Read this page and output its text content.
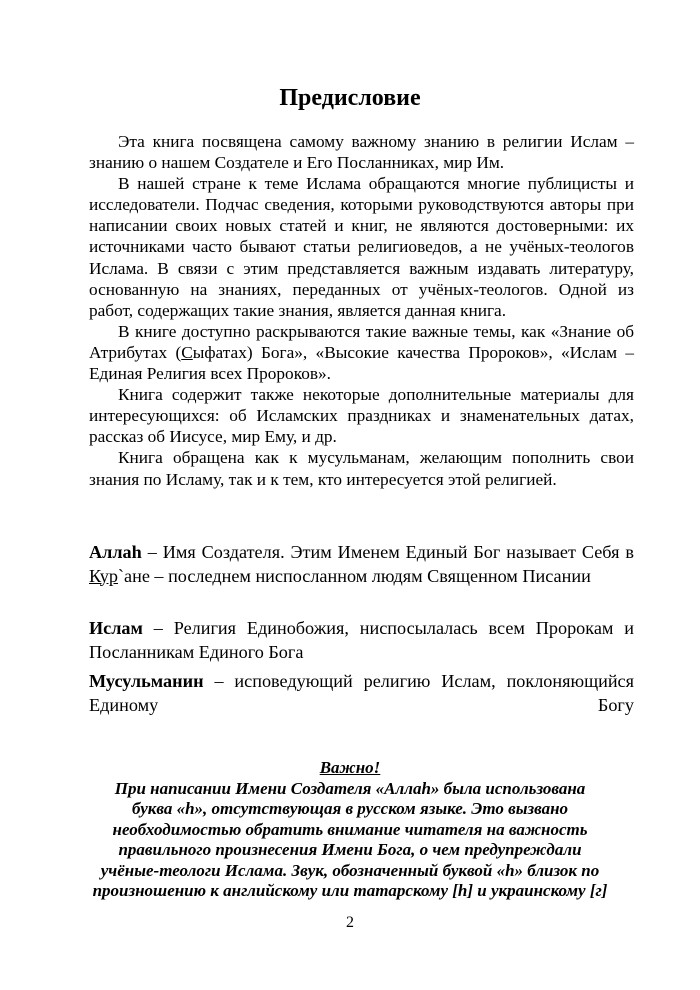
Предисловие

Эта книга посвящена самому важному знанию в религии Ислам – знанию о нашем Создателе и Его Посланниках, мир Им.

В нашей стране к теме Ислама обращаются многие публицисты и исследователи. Подчас сведения, которыми руководствуются авторы при написании своих новых статей и книг, не являются достоверными: их источниками часто бывают статьи религиоведов, а не учёных-теологов Ислама. В связи с этим представляется важным издавать литературу, основанную на знаниях, переданных от учёных-теологов. Одной из работ, содержащих такие знания, является данная книга.

В книге доступно раскрываются такие важные темы, как «Знание об Атрибутах (Сыфатах) Бога», «Высокие качества Пророков», «Ислам – Единая Религия всех Пророков».

Книга содержит также некоторые дополнительные материалы для интересующихся: об Исламских праздниках и знаменательных датах, рассказ об Иисусе, мир Ему, и др.

Книга обращена как к мусульманам, желающим пополнить свои знания по Исламу, так и к тем, кто интересуется этой религией.

Аллаh – Имя Создателя. Этим Именем Единый Бог называет Себя в Кур`ане – последнем ниспосланном людям Священном Писании

Ислам – Религия Единобожия, ниспосылалась всем Пророкам и Посланникам Единого Бога

Мусульманин – исповедующий религию Ислам, поклоняющийся Единому Богу

Важно!

При написании Имени Создателя «Аллаh» была использована

буква «h», отсутствующая в русском языке. Это вызвано

необходимостью обратить внимание читателя на важность

правильного произнесения Имени Бога, о чем предупреждали

учёные-теологи Ислама. Звук, обозначенный буквой «h» близок по

произношению к английскому или татарскому [h] и украинскому [г]

2
